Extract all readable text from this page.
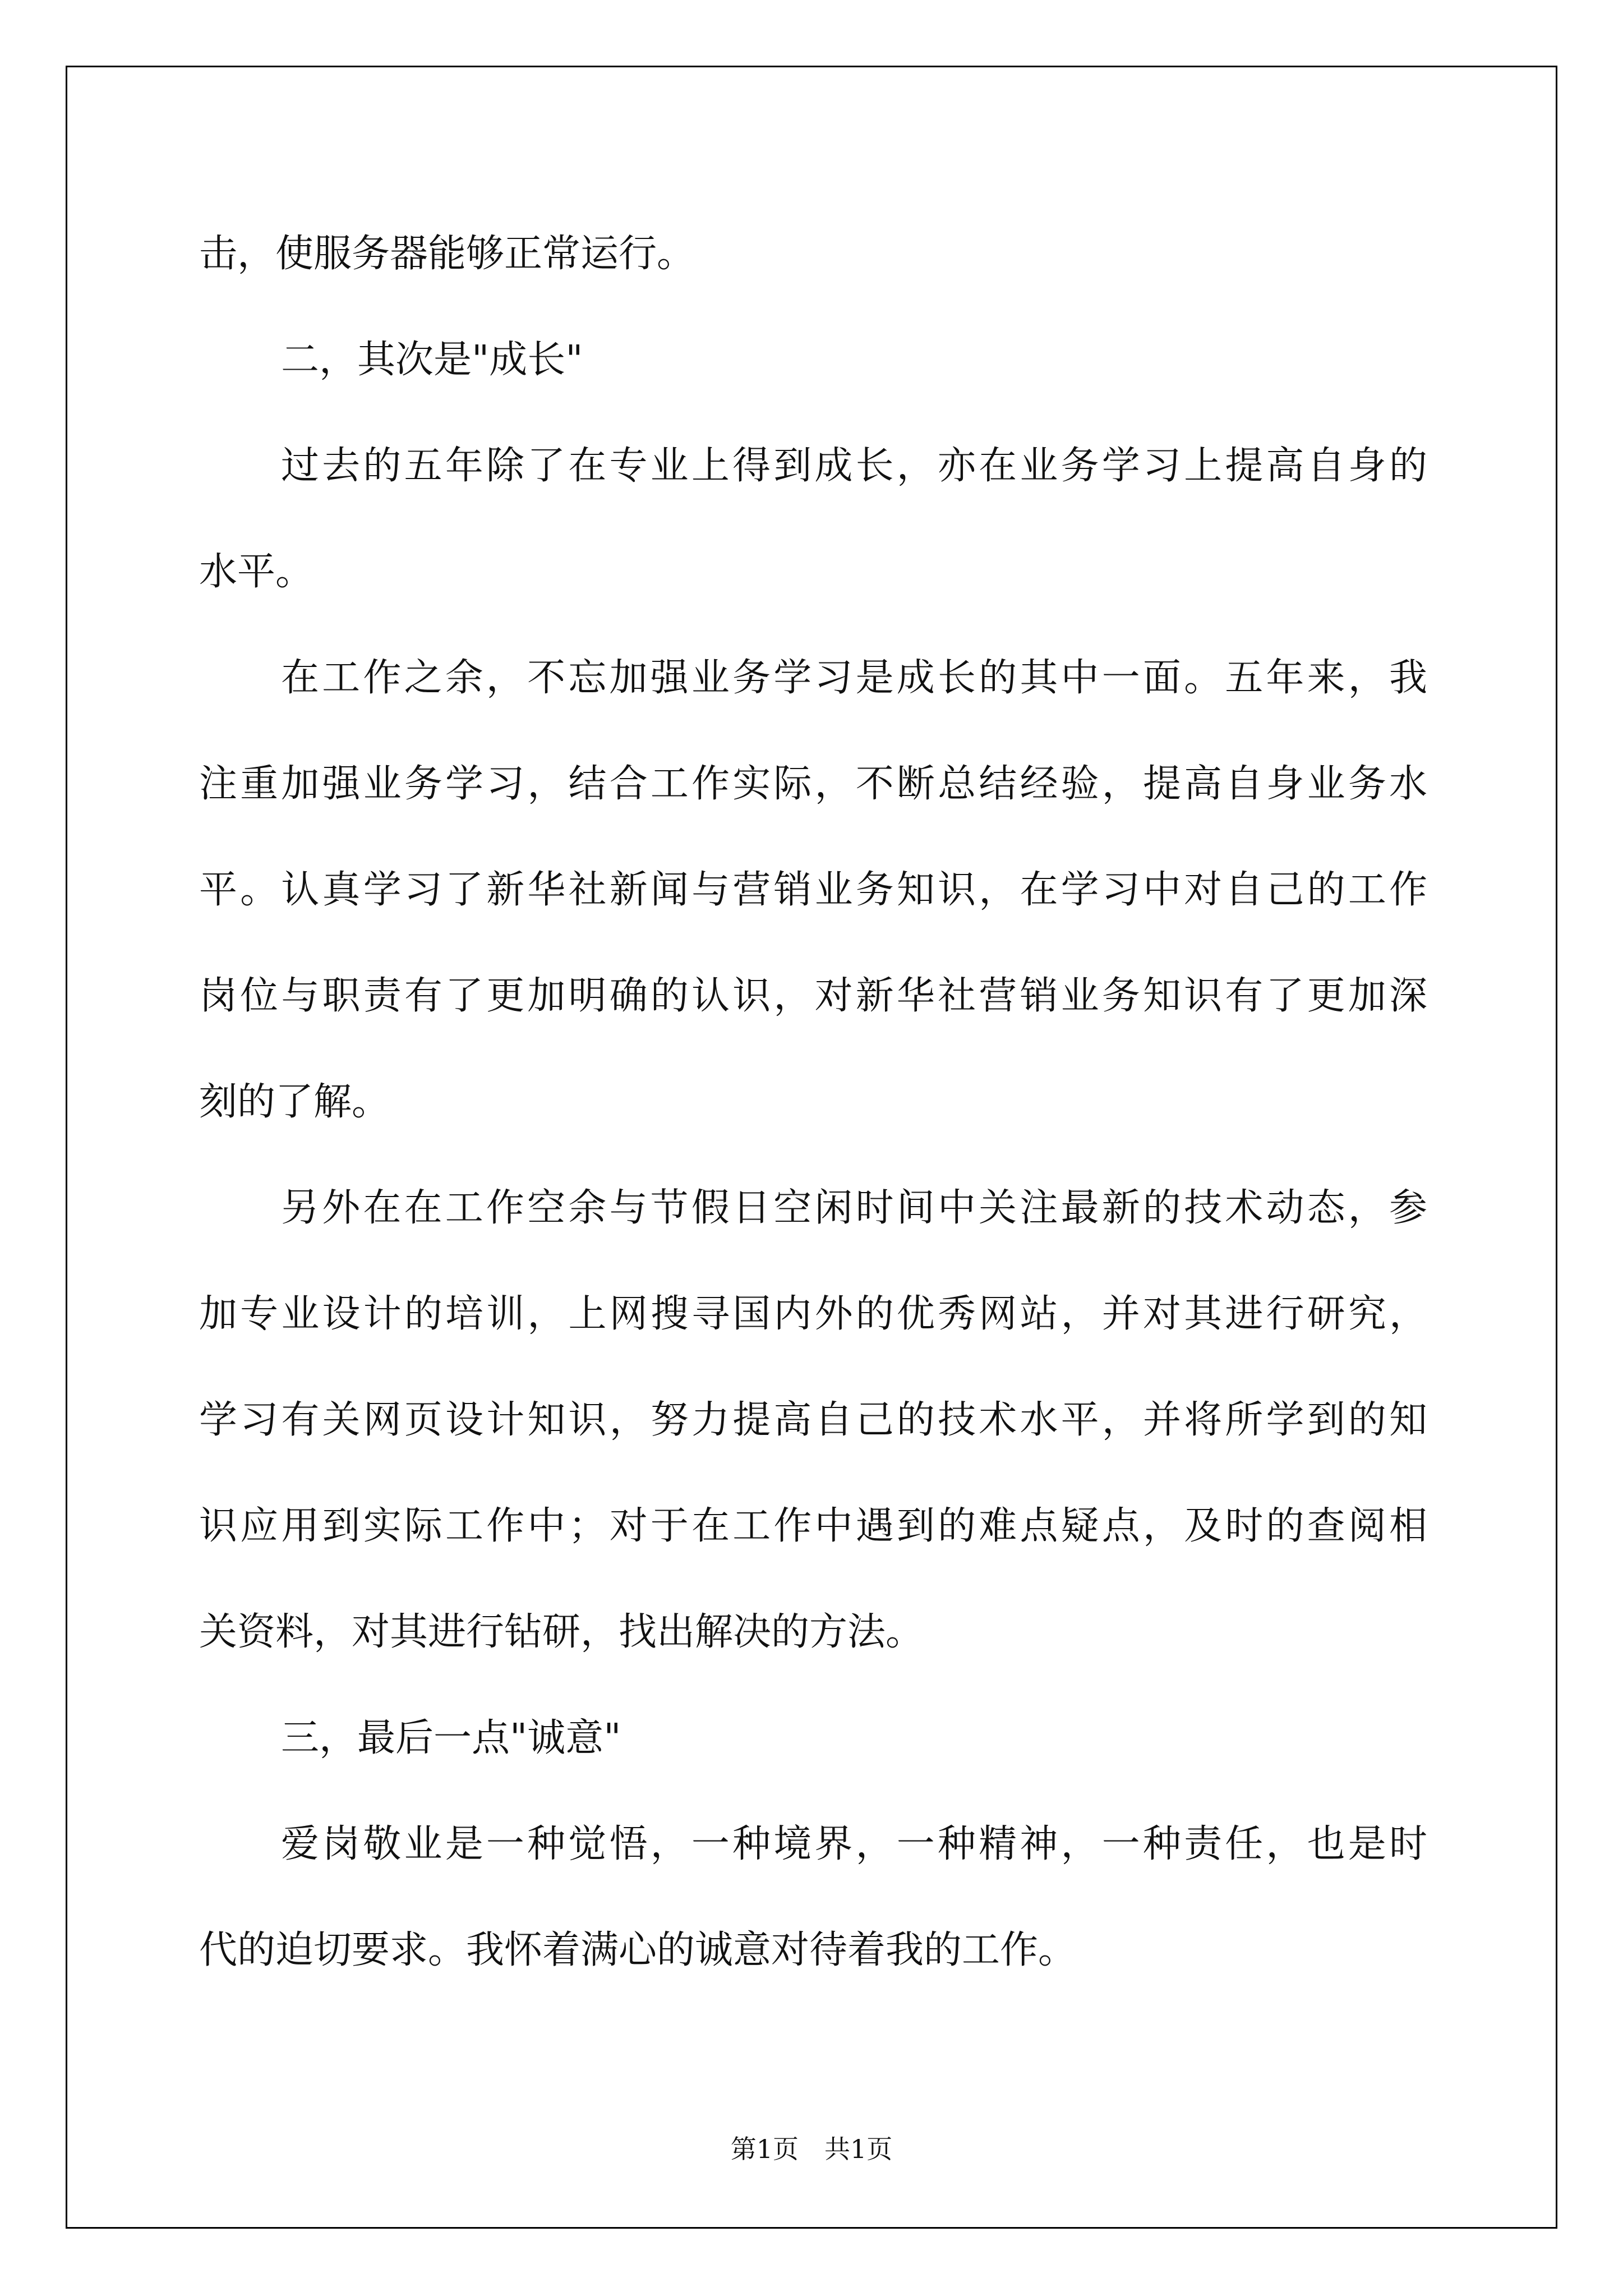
击，使服务器能够正常运行。
二，其次是"成长"
过去的五年除了在专业上得到成长，亦在业务学习上提高自身的
水平。
在工作之余，不忘加强业务学习是成长的其中一面。五年来，我
注重加强业务学习，结合工作实际，不断总结经验，提高自身业务水
平。认真学习了新华社新闻与营销业务知识，在学习中对自己的工作
岗位与职责有了更加明确的认识，对新华社营销业务知识有了更加深
刻的了解。
另外在在工作空余与节假日空闲时间中关注最新的技术动态，参
加专业设计的培训，上网搜寻国内外的优秀网站，并对其进行研究，
学习有关网页设计知识，努力提高自己的技术水平，并将所学到的知
识应用到实际工作中；对于在工作中遇到的难点疑点，及时的查阅相
关资料，对其进行钻研，找出解决的方法。
三，最后一点"诚意"
爱岗敬业是一种觉悟，一种境界，一种精神，一种责任，也是时
代的迫切要求。我怀着满心的诚意对待着我的工作。
第1页　共1页
